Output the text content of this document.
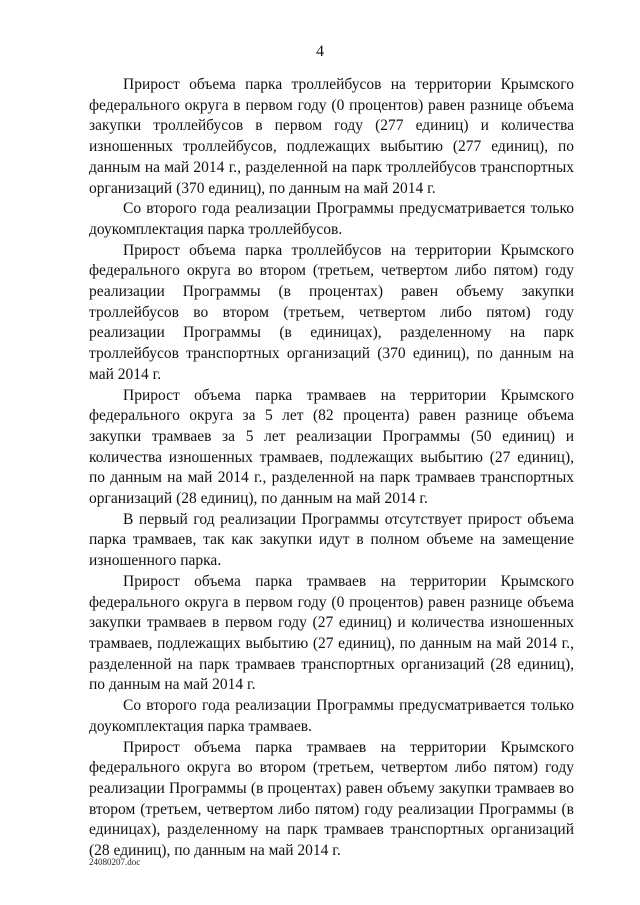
4

Прирост объема парка троллейбусов на территории Крымского федерального округа в первом году (0 процентов) равен разнице объема закупки троллейбусов в первом году (277 единиц) и количества изношенных троллейбусов, подлежащих выбытию (277 единиц), по данным на май 2014 г., разделенной на парк троллейбусов транспортных организаций (370 единиц), по данным на май 2014 г.

Со второго года реализации Программы предусматривается только доукомплектация парка троллейбусов.

Прирост объема парка троллейбусов на территории Крымского федерального округа во втором (третьем, четвертом либо пятом) году реализации Программы (в процентах) равен объему закупки троллейбусов во втором (третьем, четвертом либо пятом) году реализации Программы (в единицах), разделенному на парк троллейбусов транспортных организаций (370 единиц), по данным на май 2014 г.

Прирост объема парка трамваев на территории Крымского федерального округа за 5 лет (82 процента) равен разнице объема закупки трамваев за 5 лет реализации Программы (50 единиц) и количества изношенных трамваев, подлежащих выбытию (27 единиц), по данным на май 2014 г., разделенной на парк трамваев транспортных организаций (28 единиц), по данным на май 2014 г.

В первый год реализации Программы отсутствует прирост объема парка трамваев, так как закупки идут в полном объеме на замещение изношенного парка.

Прирост объема парка трамваев на территории Крымского федерального округа в первом году (0 процентов) равен разнице объема закупки трамваев в первом году (27 единиц) и количества изношенных трамваев, подлежащих выбытию (27 единиц), по данным на май 2014 г., разделенной на парк трамваев транспортных организаций (28 единиц), по данным на май 2014 г.

Со второго года реализации Программы предусматривается только доукомплектация парка трамваев.

Прирост объема парка трамваев на территории Крымского федерального округа во втором (третьем, четвертом либо пятом) году реализации Программы (в процентах) равен объему закупки трамваев во втором (третьем, четвертом либо пятом) году реализации Программы (в единицах), разделенному на парк трамваев транспортных организаций (28 единиц), по данным на май 2014 г.

24080207.doc
